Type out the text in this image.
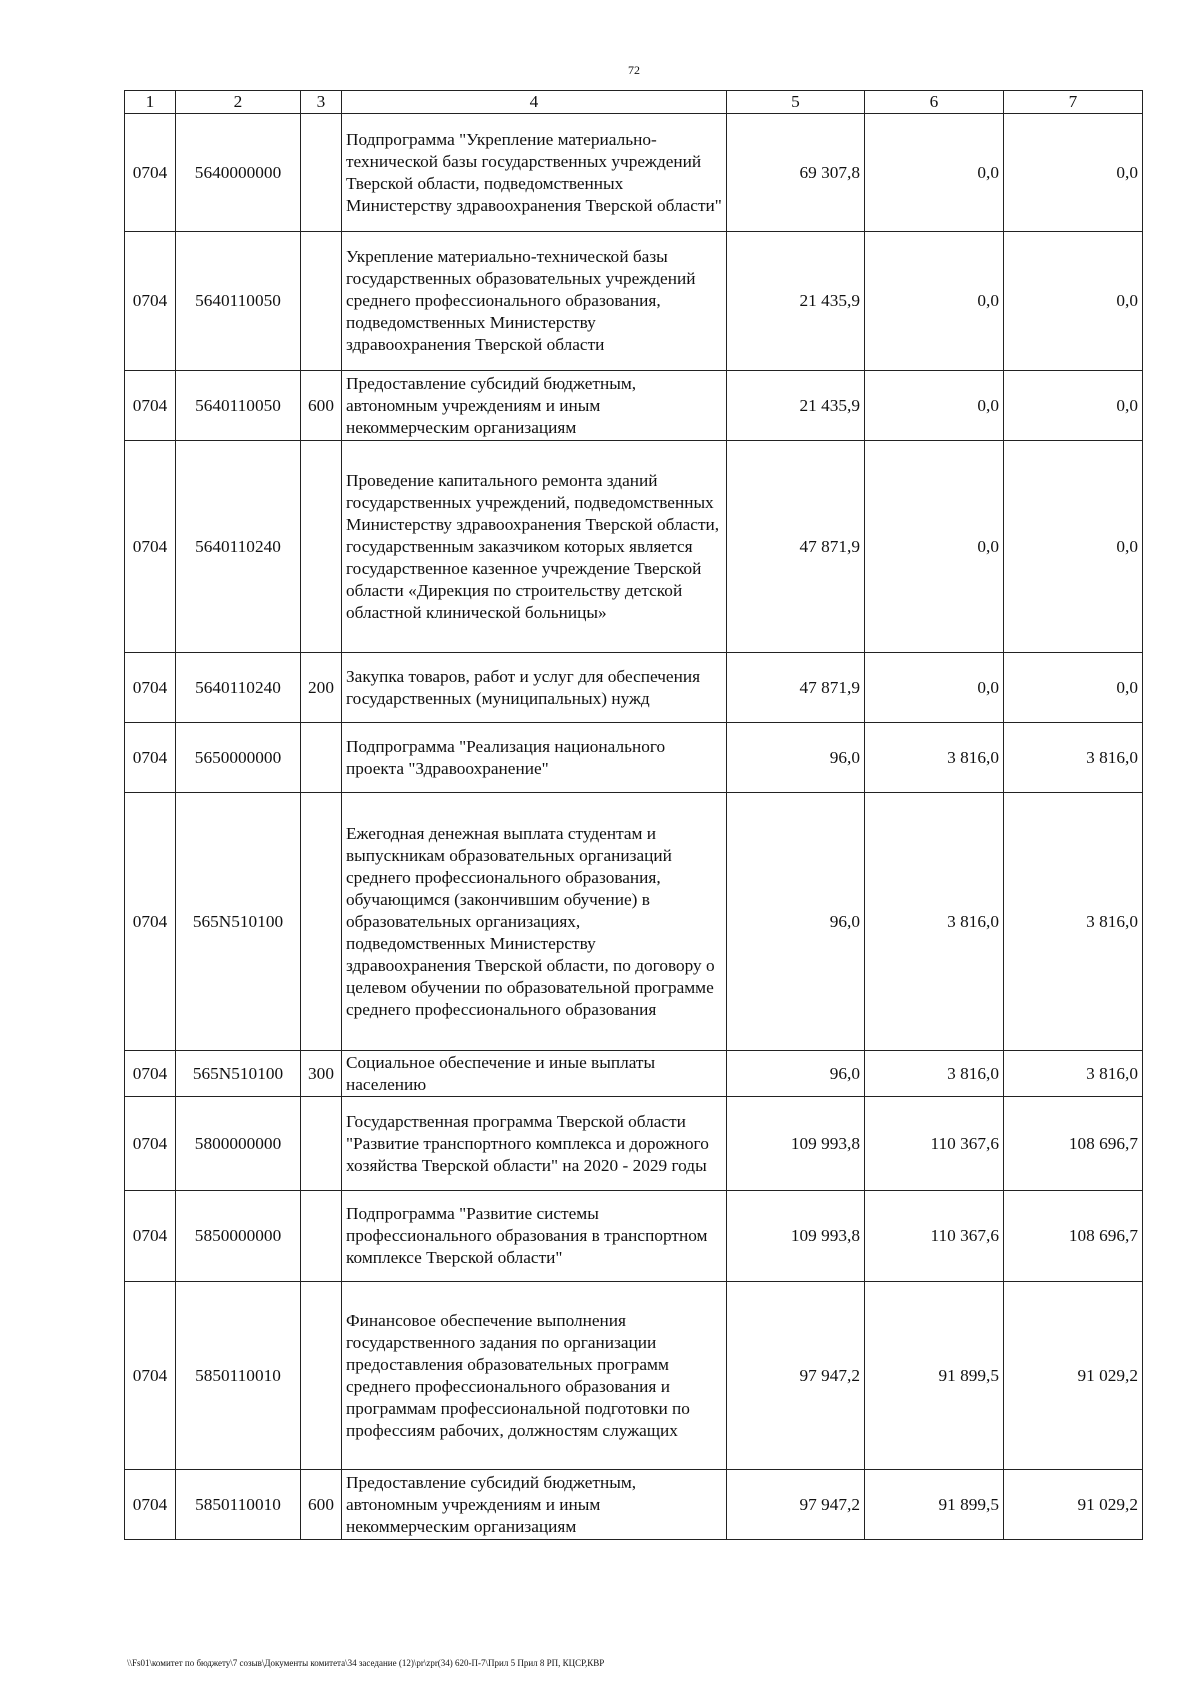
72
1	2	3	4	5	6	7
0704	5640000000		Подпрограмма "Укрепление материально-технической базы государственных учреждений Тверской области, подведомственных Министерству здравоохранения Тверской области"	69 307,8	0,0	0,0
0704	5640110050		Укрепление материально-технической базы государственных образовательных учреждений среднего профессионального образования, подведомственных Министерству здравоохранения Тверской области	21 435,9	0,0	0,0
0704	5640110050	600	Предоставление субсидий бюджетным, автономным учреждениям и иным некоммерческим организациям	21 435,9	0,0	0,0
0704	5640110240		Проведение капитального ремонта зданий государственных учреждений, подведомственных Министерству здравоохранения Тверской области, государственным заказчиком которых является государственное казенное учреждение Тверской области «Дирекция по строительству детской областной клинической больницы»	47 871,9	0,0	0,0
0704	5640110240	200	Закупка товаров, работ и услуг для обеспечения государственных (муниципальных) нужд	47 871,9	0,0	0,0
0704	5650000000		Подпрограмма "Реализация национального проекта "Здравоохранение"	96,0	3 816,0	3 816,0
0704	565N510100		Ежегодная денежная выплата студентам и выпускникам образовательных организаций среднего профессионального образования, обучающимся (закончившим обучение) в образовательных организациях, подведомственных Министерству здравоохранения Тверской области, по договору о целевом обучении по образовательной программе среднего профессионального образования	96,0	3 816,0	3 816,0
0704	565N510100	300	Социальное обеспечение и иные выплаты населению	96,0	3 816,0	3 816,0
0704	5800000000		Государственная программа Тверской области "Развитие транспортного комплекса и дорожного хозяйства Тверской области" на 2020 - 2029 годы	109 993,8	110 367,6	108 696,7
0704	5850000000		Подпрограмма "Развитие системы профессионального образования в транспортном комплексе Тверской области"	109 993,8	110 367,6	108 696,7
0704	5850110010		Финансовое обеспечение выполнения государственного задания по организации предоставления образовательных программ среднего профессионального образования и программам профессиональной подготовки по профессиям рабочих, должностям служащих	97 947,2	91 899,5	91 029,2
0704	5850110010	600	Предоставление субсидий бюджетным, автономным учреждениям и иным некоммерческим организациям	97 947,2	91 899,5	91 029,2
\\Fs01\комитет по бюджету\7 созыв\Документы комитета\34 заседание (12)\pr\zpr(34) 620-П-7\Прил 5 Прил 8 РП, КЦСР,КВР
